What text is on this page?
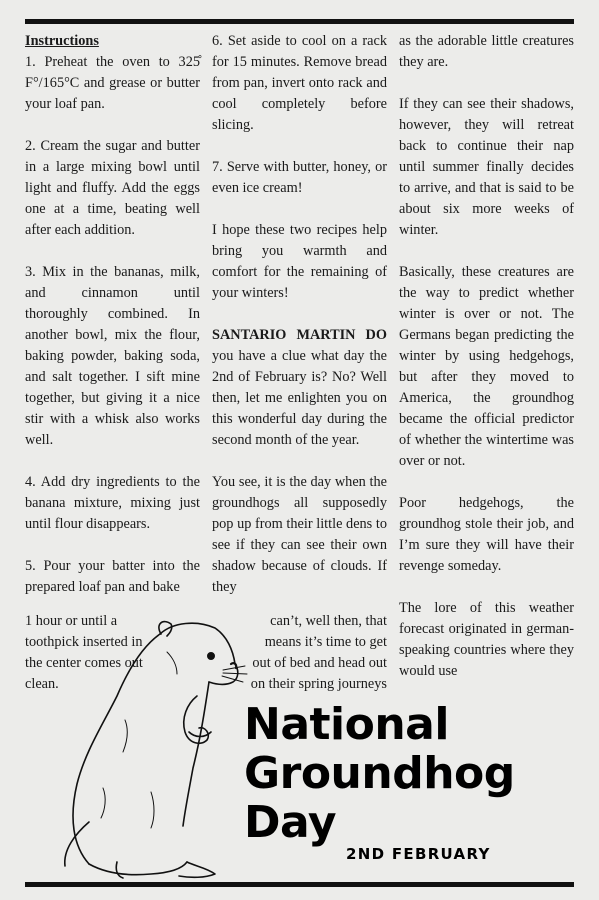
Instructions
1. Preheat the oven to 325̊ F°/165°C and grease or butter your loaf pan.

2. Cream the sugar and butter in a large mixing bowl until light and fluffy. Add the eggs one at a time, beating well after each addition.

3. Mix in the bananas, milk, and cinnamon until thoroughly combined. In another bowl, mix the flour, baking powder, baking soda, and salt together. I sift mine together, but giving it a nice stir with a whisk also works well.

4. Add dry ingredients to the banana mixture, mixing just until flour disappears.

5. Pour your batter into the prepared loaf pan and bake

1 hour or until a toothpick inserted in the center comes out clean.

6. Set aside to cool on a rack for 15 minutes. Remove bread from pan, invert onto rack and cool completely before slicing.

7. Serve with butter, honey, or even ice cream!

I hope these two recipes help bring you warmth and comfort for the remaining of your winters!

SANTARIO MARTIN DO you have a clue what day the 2nd of February is? No? Well then, let me enlighten you on this wonderful day during the second month of the year.

You see, it is the day when the groundhogs all supposedly pop up from their little dens to see if they can see their own shadow because of clouds. If they

can’t, well then, that
means it’s time to get
out of bed and head out
on their spring journeys

as the adorable little creatures they are.

If they can see their shadows, however, they will retreat back to continue their nap until summer finally decides to arrive, and that is said to be about six more weeks of winter.

Basically, these creatures are the way to predict whether winter is over or not. The Germans began predicting the winter by using hedgehogs, but after they moved to America, the groundhog became the official predictor of whether the wintertime was over or not.

Poor hedgehogs, the groundhog stole their job, and I’m sure they will have their revenge someday.

The lore of this weather forecast originated in german-speaking countries where they would use

National
Groundhog
Day
2ND FEBRUARY
